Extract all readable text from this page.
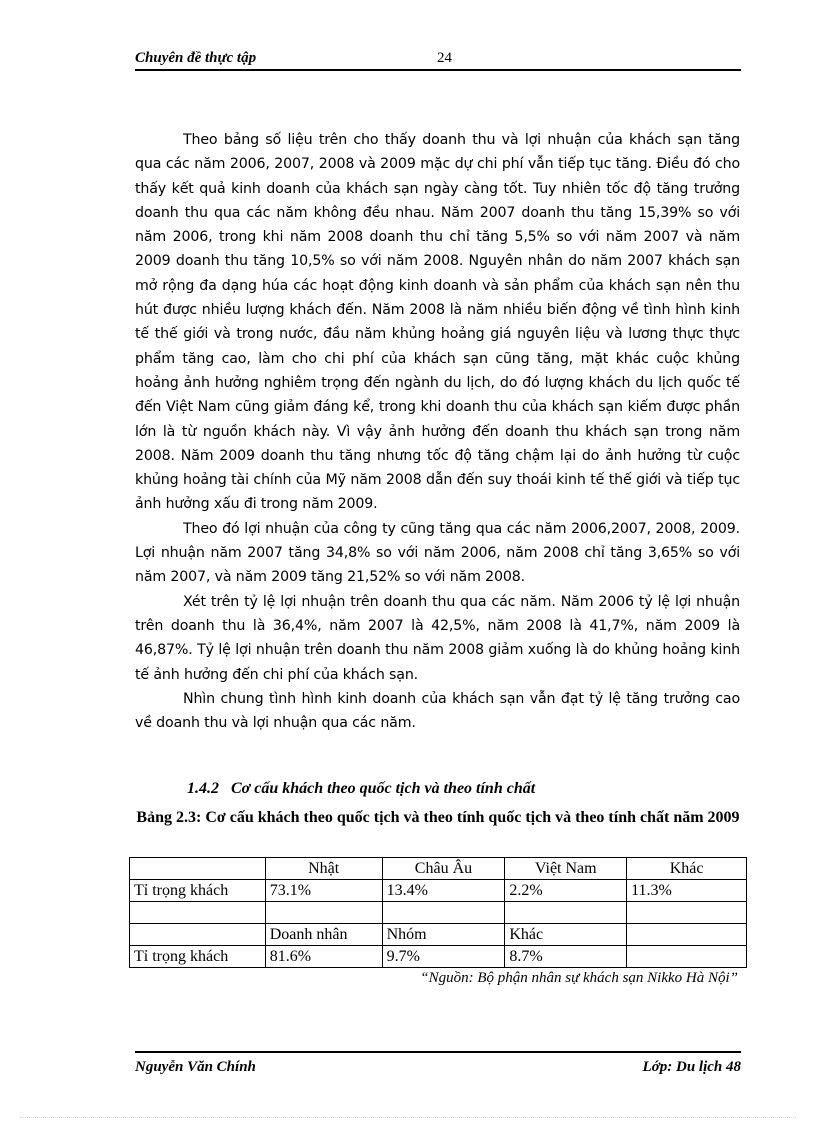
Chuyên đề thực tập	24

Theo bảng số liệu trên cho thấy doanh thu và lợi nhuận của khách sạn tăng qua các năm 2006, 2007, 2008 và 2009 mặc dự chi phí vẫn tiếp tục tăng. Điều đó cho thấy kết quả kinh doanh của khách sạn ngày càng tốt. Tuy nhiên tốc độ tăng trưởng doanh thu qua các năm không đều nhau. Năm 2007 doanh thu tăng 15,39% so với năm 2006, trong khi năm 2008 doanh thu chỉ tăng 5,5% so với năm 2007 và năm 2009 doanh thu tăng 10,5% so với năm 2008. Nguyên nhân do năm 2007 khách sạn mở rộng đa dạng húa các hoạt động kinh doanh và sản phẩm của khách sạn nên thu hút được nhiều lượng khách đến. Năm 2008 là năm nhiều biến động về tình hình kinh tế thế giới và trong nước, đầu năm khủng hoảng giá nguyên liệu và lương thực thực phẩm tăng cao, làm cho chi phí của khách sạn cũng tăng, mặt khác cuộc khủng hoảng ảnh hưởng nghiêm trọng đến ngành du lịch, do đó lượng khách du lịch quốc tế đến Việt Nam cũng giảm đáng kể, trong khi doanh thu của khách sạn kiếm được phần lớn là từ nguồn khách này. Vì vậy ảnh hưởng đến doanh thu khách sạn trong năm 2008. Năm 2009 doanh thu tăng nhưng tốc độ tăng chậm lại do ảnh hưởng từ cuộc khủng hoảng tài chính của Mỹ năm 2008 dẫn đến suy thoái kinh tế thế giới và tiếp tục ảnh hưởng xấu đi trong năm 2009.

Theo đó lợi nhuận của công ty cũng tăng qua các năm 2006,2007, 2008, 2009. Lợi nhuận năm 2007 tăng 34,8% so với năm 2006, năm 2008 chỉ tăng 3,65% so với năm 2007, và năm 2009 tăng 21,52% so với năm 2008.

Xét trên tỷ lệ lợi nhuận trên doanh thu qua các năm. Năm 2006 tỷ lệ lợi nhuận trên doanh thu là 36,4%, năm 2007 là 42,5%, năm 2008 là 41,7%, năm 2009 là 46,87%. Tỷ lệ lợi nhuận trên doanh thu năm 2008 giảm xuống là do khủng hoảng kinh tế ảnh hưởng đến chi phí của khách sạn.

Nhìn chung tình hình kinh doanh của khách sạn vẫn đạt tỷ lệ tăng trưởng cao về doanh thu và lợi nhuận qua các năm.

1.4.2 Cơ cấu khách theo quốc tịch và theo tính chất
Bảng 2.3: Cơ cấu khách theo quốc tịch và theo tính quốc tịch và theo tính chất năm 2009
	Nhật	Châu Âu	Việt Nam	Khác
Tỉ trọng khách	73.1%	13.4%	2.2%	11.3%

	Doanh nhân	Nhóm	Khác	
Tỉ trọng khách	81.6%	9.7%	8.7%	
“Nguồn: Bộ phận nhân sự khách sạn Nikko Hà Nội”
Nguyễn Văn Chính	Lớp: Du lịch 48
